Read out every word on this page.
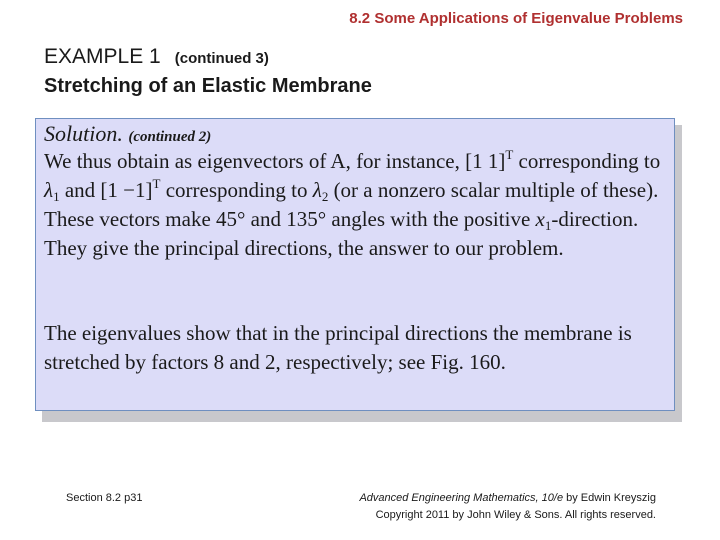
8.2 Some Applications of Eigenvalue Problems
EXAMPLE 1 (continued 3)
Stretching of an Elastic Membrane
Solution. (continued 2)
We thus obtain as eigenvectors of A, for instance, [1 1]$^T$ corresponding to $\lambda_1$ and $[1 -1]^T$ corresponding to $\lambda_2$ (or a nonzero scalar multiple of these). These vectors make 45° and 135° angles with the positive $x_1$-direction. They give the principal directions, the answer to our problem.
The eigenvalues show that in the principal directions the membrane is stretched by factors 8 and 2, respectively; see Fig. 160.
Section 8.2 p31	Advanced Engineering Mathematics, 10/e by Edwin Kreyszig
Copyright 2011 by John Wiley & Sons. All rights reserved.
